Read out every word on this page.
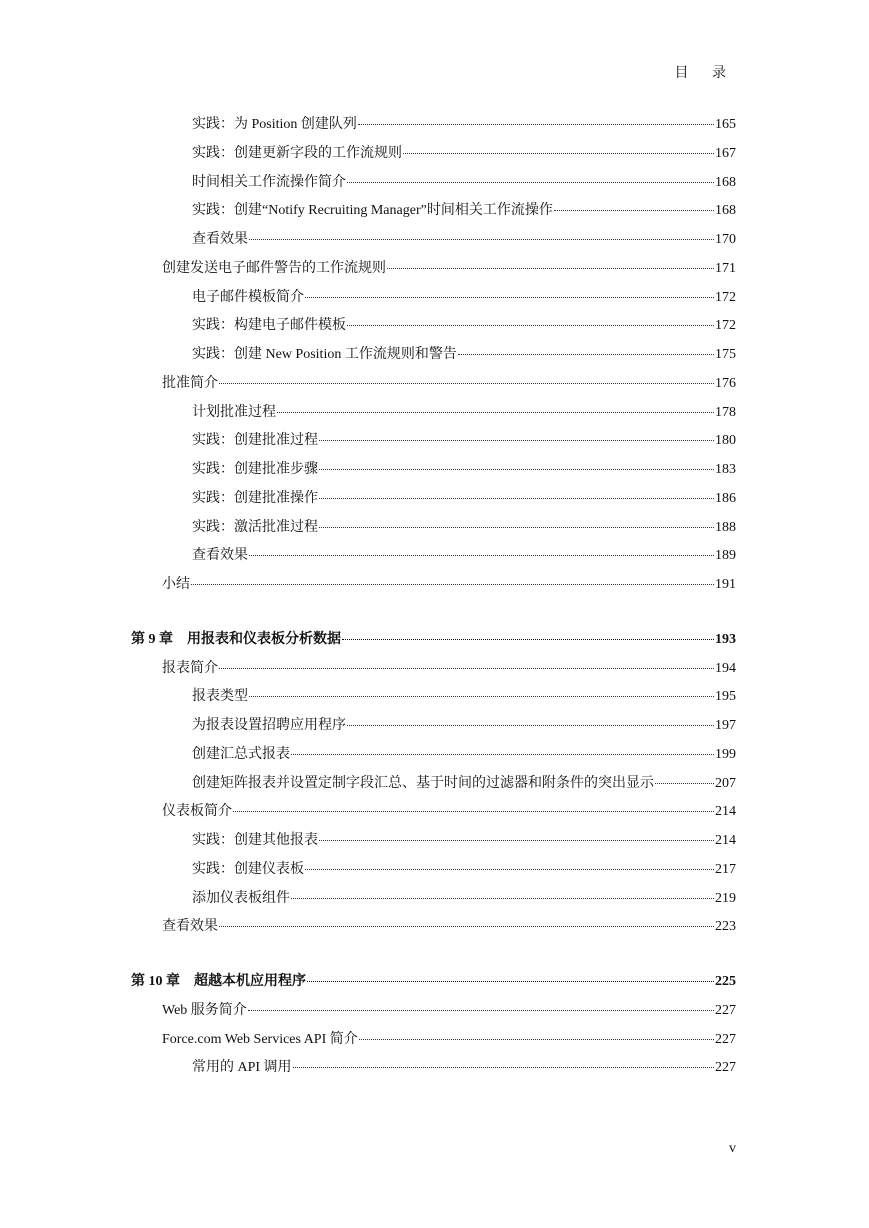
目 录
实践：为 Position 创建队列	165
实践：创建更新字段的工作流规则	167
时间相关工作流操作简介	168
实践：创建“Notify Recruiting Manager”时间相关工作流操作	168
查看效果	170
创建发送电子邮件警告的工作流规则	171
电子邮件模板简介	172
实践：构建电子邮件模板	172
实践：创建 New Position 工作流规则和警告	175
批准简介	176
计划批准过程	178
实践：创建批准过程	180
实践：创建批准步骤	183
实践：创建批准操作	186
实践：激活批准过程	188
查看效果	189
小结	191
第 9 章 用报表和仪表板分析数据	193
报表简介	194
报表类型	195
为报表设置招聘应用程序	197
创建汇总式报表	199
创建矩阵报表并设置定制字段汇总、基于时间的过滤器和附条件的突出显示	207
仪表板简介	214
实践：创建其他报表	214
实践：创建仪表板	217
添加仪表板组件	219
查看效果	223
第 10 章 超越本机应用程序	225
Web 服务简介	227
Force.com Web Services API 简介	227
常用的 API 调用	227
v
